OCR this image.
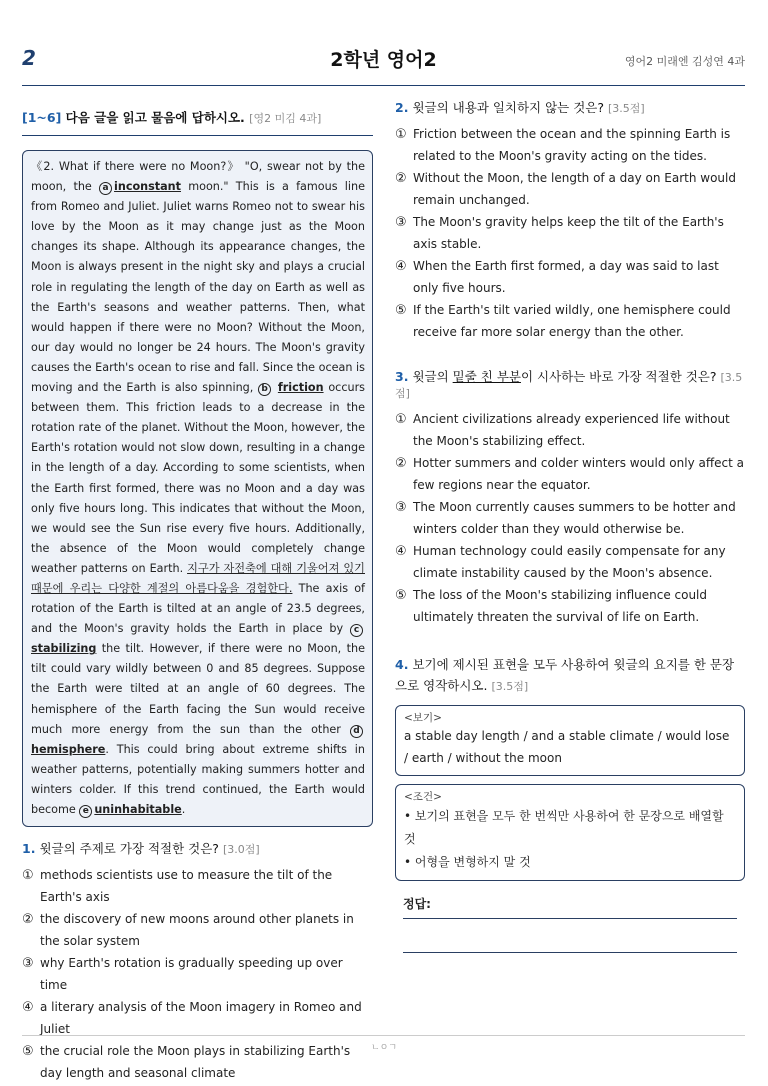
2	2학년 영어2	영어2 미래엔 김성연 4과
[1~6] 다음 글을 읽고 물음에 답하시오. [영2 미김 4과]
《2. What if there were no Moon?》 "O, swear not by the moon, the a inconstant moon." This is a famous line from Romeo and Juliet. Juliet warns Romeo not to swear his love by the Moon as it may change just as the Moon changes its shape. Although its appearance changes, the Moon is always present in the night sky and plays a crucial role in regulating the length of the day on Earth as well as the Earth's seasons and weather patterns. Then, what would happen if there were no Moon? Without the Moon, our day would no longer be 24 hours. The Moon's gravity causes the Earth's ocean to rise and fall. Since the ocean is moving and the Earth is also spinning, b friction occurs between them. This friction leads to a decrease in the rotation rate of the planet. Without the Moon, however, the Earth's rotation would not slow down, resulting in a change in the length of a day. According to some scientists, when the Earth first formed, there was no Moon and a day was only five hours long. This indicates that without the Moon, we would see the Sun rise every five hours. Additionally, the absence of the Moon would completely change weather patterns on Earth. 지구가 자전축에 대해 기울어져 있기 때문에 우리는 다양한 계절의 아름다움을 경험한다. The axis of rotation of the Earth is tilted at an angle of 23.5 degrees, and the Moon's gravity holds the Earth in place by c stabilizing the tilt. However, if there were no Moon, the tilt could vary wildly between 0 and 85 degrees. Suppose the Earth were tilted at an angle of 60 degrees. The hemisphere of the Earth facing the Sun would receive much more energy from the sun than the other dhemisphere. This could bring about extreme shifts in weather patterns, potentially making summers hotter and winters colder. If this trend continued, the Earth would become e uninhabitable.
1. 윗글의 주제로 가장 적절한 것은? [3.0점]
① methods scientists use to measure the tilt of the Earth's axis
② the discovery of new moons around other planets in the solar system
③ why Earth's rotation is gradually speeding up over time
④ a literary analysis of the Moon imagery in Romeo and Juliet
⑤ the crucial role the Moon plays in stabilizing Earth's day length and seasonal climate
2. 윗글의 내용과 일치하지 않는 것은? [3.5점]
① Friction between the ocean and the spinning Earth is related to the Moon's gravity acting on the tides.
② Without the Moon, the length of a day on Earth would remain unchanged.
③ The Moon's gravity helps keep the tilt of the Earth's axis stable.
④ When the Earth first formed, a day was said to last only five hours.
⑤ If the Earth's tilt varied wildly, one hemisphere could receive far more solar energy than the other.
3. 윗글의 밑줄 친 부분이 시사하는 바로 가장 적절한 것은? [3.5점]
① Ancient civilizations already experienced life without the Moon's stabilizing effect.
② Hotter summers and colder winters would only affect a few regions near the equator.
③ The Moon currently causes summers to be hotter and winters colder than they would otherwise be.
④ Human technology could easily compensate for any climate instability caused by the Moon's absence.
⑤ The loss of the Moon's stabilizing influence could ultimately threaten the survival of life on Earth.
4. 보기에 제시된 표현을 모두 사용하여 윗글의 요지를 한 문장으로 영작하시오. [3.5점]
<보기>
a stable day length / and a stable climate / would lose / earth / without the moon
<조건>
• 보기의 표현을 모두 한 번씩만 사용하여 한 문장으로 배열할 것
• 어형을 변형하지 말 것
정답:
ㄴㅇㄱ
